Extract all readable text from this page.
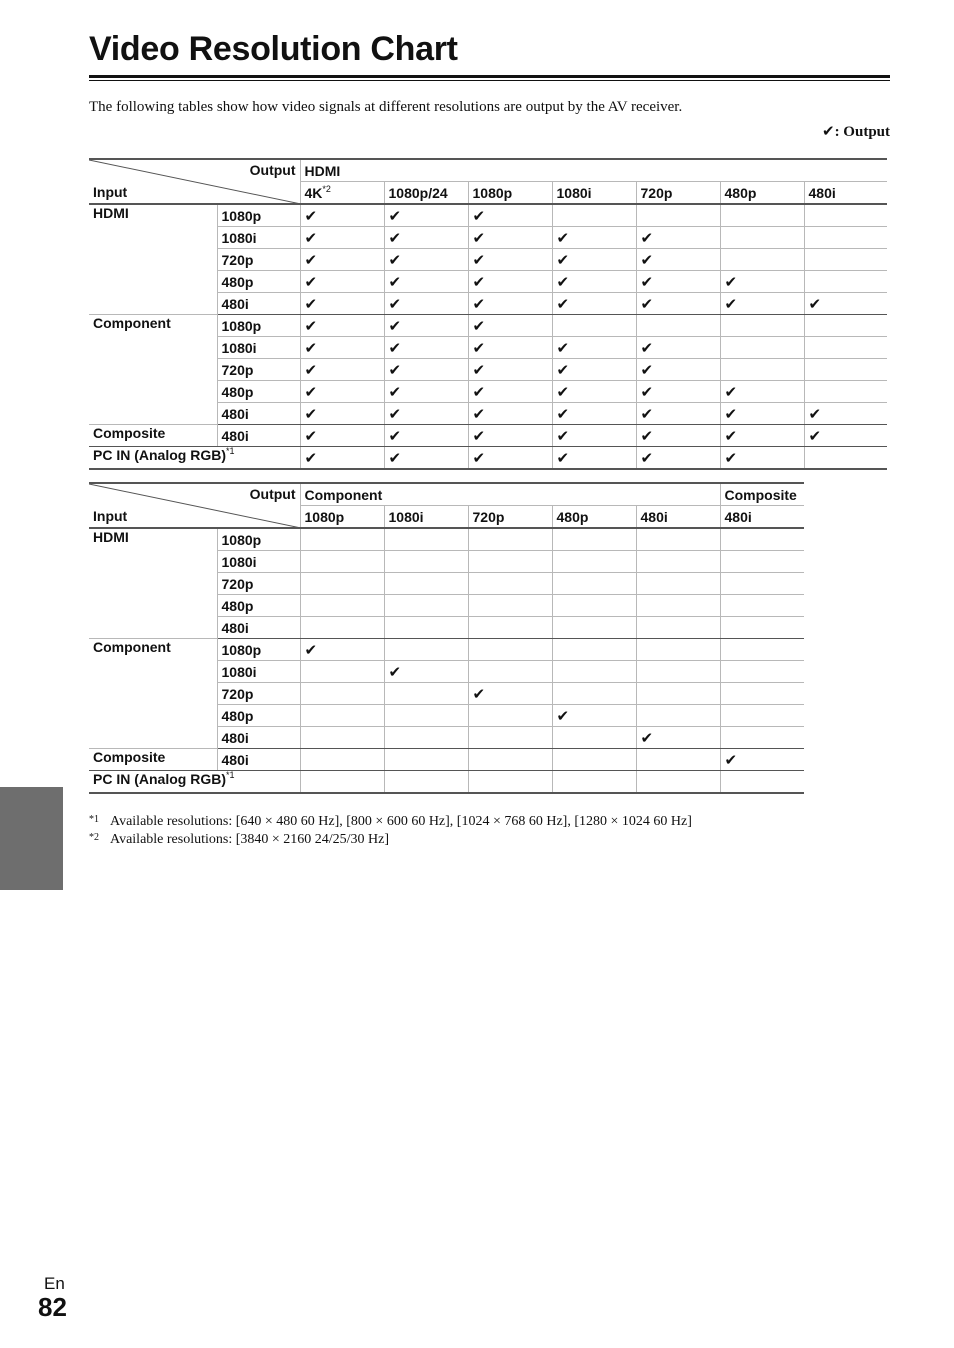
Video Resolution Chart

The following tables show how video signals at different resolutions are output by the AV receiver.

✔: Output
Output
Input		HDMI						
		$4K^{*2}$	1080p/24	1080p	1080i	720p	480p	480i
HDMI	1080p	✔	✔	✔				
	1080i	✔	✔	✔	✔	✔		
	720p	✔	✔	✔	✔	✔		
	480p	✔	✔	✔	✔	✔	✔	
	480i	✔	✔	✔	✔	✔	✔	✔
Component	1080p	✔	✔	✔				
	1080i	✔	✔	✔	✔	✔		
	720p	✔	✔	✔	✔	✔		
	480p	✔	✔	✔	✔	✔	✔	
	480i	✔	✔	✔	✔	✔	✔	✔
Composite	480i	✔	✔	✔	✔	✔	✔	✔
PC IN (Analog RGB)$^{*1}$		✔	✔	✔	✔	✔	✔	
Output
Input		Component					Composite
		1080p	1080i	720p	480p	480i	480i
HDMI	1080p						
	1080i						
	720p						
	480p						
	480i						
Component	1080p	✔					
	1080i		✔				
	720p			✔			
	480p				✔		
	480i					✔	
Composite	480i						✔
PC IN (Analog RGB)$^{*1}$						
*1 Available resolutions: [640 × 480 60 Hz], [800 × 600 60 Hz], [1024 × 768 60 Hz], [1280 × 1024 60 Hz]
*2 Available resolutions: [3840 × 2160 24/25/30 Hz]
En
82
